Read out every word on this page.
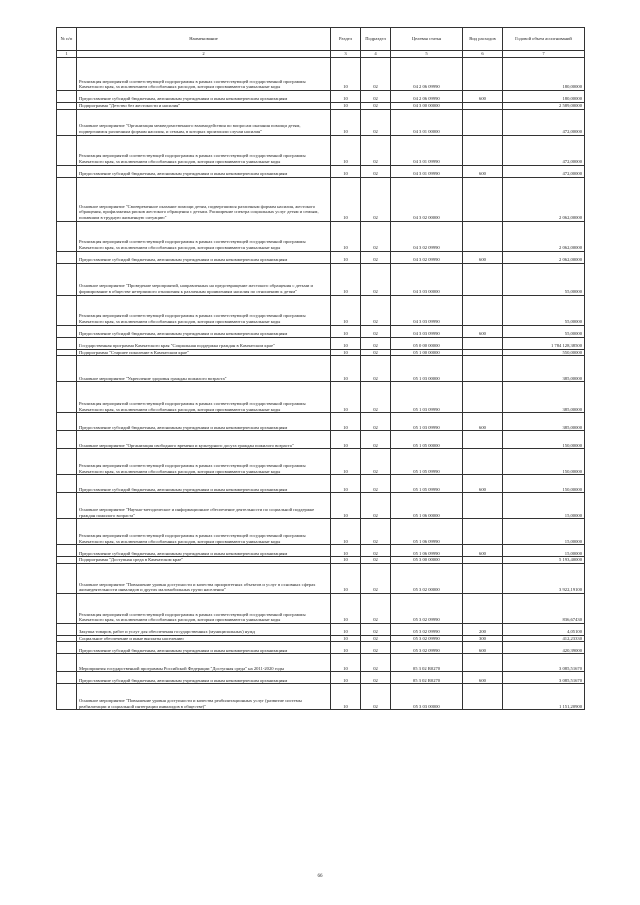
№ п/п	Наименование	Раздел	Подраздел	Целевая статья	Вид расходов	Годовой объем ассигнований
1	2	3	4	5	6	7
	Реализация мероприятий соответствующей подпрограммы в рамках соответствующей государственной программы Камчатского края, за исключением обособленных расходов, которым присваиваются уникальные коды	10	02	04 2 06 09990		180,00000
	Предоставление субсидий бюджетным, автономным учреждениям и иным некоммерческим организациям	10	02	04 2 06 09990	600	180,00000
	Подпрограмма "Детство без жестокости и насилия"	10	02	04 3 00 00000		2 589,00000
	Основное мероприятие "Организация межведомственного взаимодействия по вопросам оказания помощи детям, подвергшимся различным формам насилия, и семьям, в которых произошли случаи насилия"	10	02	04 3 01 00000		472,00000
	Реализация мероприятий соответствующей подпрограммы в рамках соответствующей государственной программы Камчатского края, за исключением обособленных расходов, которым присваиваются уникальные коды	10	02	04 3 01 09990		472,00000
	Предоставление субсидий бюджетным, автономным учреждениям и иным некоммерческим организациям	10	02	04 3 01 09990	600	472,00000
	Основное мероприятие "Своевременное оказание помощи детям, подвергшимся различным формам насилия, жестокого обращения, профилактика рисков жестокого обращения с детьми. Расширение спектра социальных услуг детям и семьям, попавшим в трудную жизненную ситуацию"	10	02	04 3 02 00000		2 062,00000
	Реализация мероприятий соответствующей подпрограммы в рамках соответствующей государственной программы Камчатского края, за исключением обособленных расходов, которым присваиваются уникальные коды	10	02	04 3 02 09990		2 062,00000
	Предоставление субсидий бюджетным, автономным учреждениям и иным некоммерческим организациям	10	02	04 3 02 09990	600	2 062,00000
	Основное мероприятие "Проведение мероприятий, направленных на предотвращение жестокого обращения с детьми и формирование в обществе нетерпимого отношения к различным проявлениям насилия по отношению к детям"	10	02	04 3 03 00000		55,00000
	Реализация мероприятий соответствующей подпрограммы в рамках соответствующей государственной программы Камчатского края, за исключением обособленных расходов, которым присваиваются уникальные коды	10	02	04 3 03 09990		55,00000
	Предоставление субсидий бюджетным, автономным учреждениям и иным некоммерческим организациям	10	02	04 3 03 09990	600	55,00000
	Государственная программа Камчатского края "Социальная поддержка граждан в Камчатском крае"	10	02	05 0 00 00000		1 784 128,38500
	Подпрограмма "Старшее поколение в Камчатском крае"	10	02	05 1 00 00000		550,00000
	Основное мероприятие "Укрепление здоровья граждан пожилого возраста"	10	02	05 1 03 00000		385,00000
	Реализация мероприятий соответствующей подпрограммы в рамках соответствующей государственной программы Камчатского края, за исключением обособленных расходов, которым присваиваются уникальные коды	10	02	05 1 03 09990		385,00000
	Предоставление субсидий бюджетным, автономным учреждениям и иным некоммерческим организациям	10	02	05 1 03 09990	600	385,00000
	Основное мероприятие "Организация свободного времени и культурного досуга граждан пожилого возраста"	10	02	05 1 05 00000		150,00000
	Реализация мероприятий соответствующей подпрограммы в рамках соответствующей государственной программы Камчатского края, за исключением обособленных расходов, которым присваиваются уникальные коды	10	02	05 1 05 09990		150,00000
	Предоставление субсидий бюджетным, автономным учреждениям и иным некоммерческим организациям	10	02	05 1 05 09990	600	150,00000
	Основное мероприятие "Научно-методическое и информационное обеспечение деятельности по социальной поддержке граждан пожилого возраста"	10	02	05 1 06 00000		15,00000
	Реализация мероприятий соответствующей подпрограммы в рамках соответствующей государственной программы Камчатского края, за исключением обособленных расходов, которым присваиваются уникальные коды	10	02	05 1 06 09990		15,00000
	Предоставление субсидий бюджетным, автономным учреждениям и иным некоммерческим организациям	10	02	05 1 06 09990	600	15,00000
	Подпрограмма "Доступная среда в Камчатском крае"	10	02	05 3 00 00000		5 193,40000
	Основное мероприятие "Повышение уровня доступности и качества приоритетных объектов и услуг в основных сферах жизнедеятельности инвалидов и других маломобильных групп населения"	10	02	05 3 02 00000		3 922,19100
	Реализация мероприятий соответствующей подпрограммы в рамках соответствующей государственной программы Камчатского края, за исключением обособленных расходов, которым присваиваются уникальные коды	10	02	05 3 02 09990		836,67430
	Закупка товаров, работ и услуг для обеспечения государственных (муниципальных) нужд	10	02	05 3 02 09990	200	4,05100
	Социальное обеспечение и иные выплаты населению	10	02	05 3 02 09990	300	412,23330
	Предоставление субсидий бюджетным, автономным учреждениям и иным некоммерческим организациям	10	02	05 3 02 09990	600	420,39000
	Мероприятия государственной программы Российской Федерации "Доступная среда" на 2011-2020 годы	10	02	05 3 02 R0270		3 085,51670
	Предоставление субсидий бюджетным, автономным учреждениям и иным некоммерческим организациям	10	02	05 3 02 R0270	600	3 085,51670
	Основное мероприятие "Повышение уровня доступности и качества реабилитационных услуг (развитие системы реабилитации и социальной интеграции инвалидов в обществе)"	10	02	05 3 03 00000		1 151,20900
66
